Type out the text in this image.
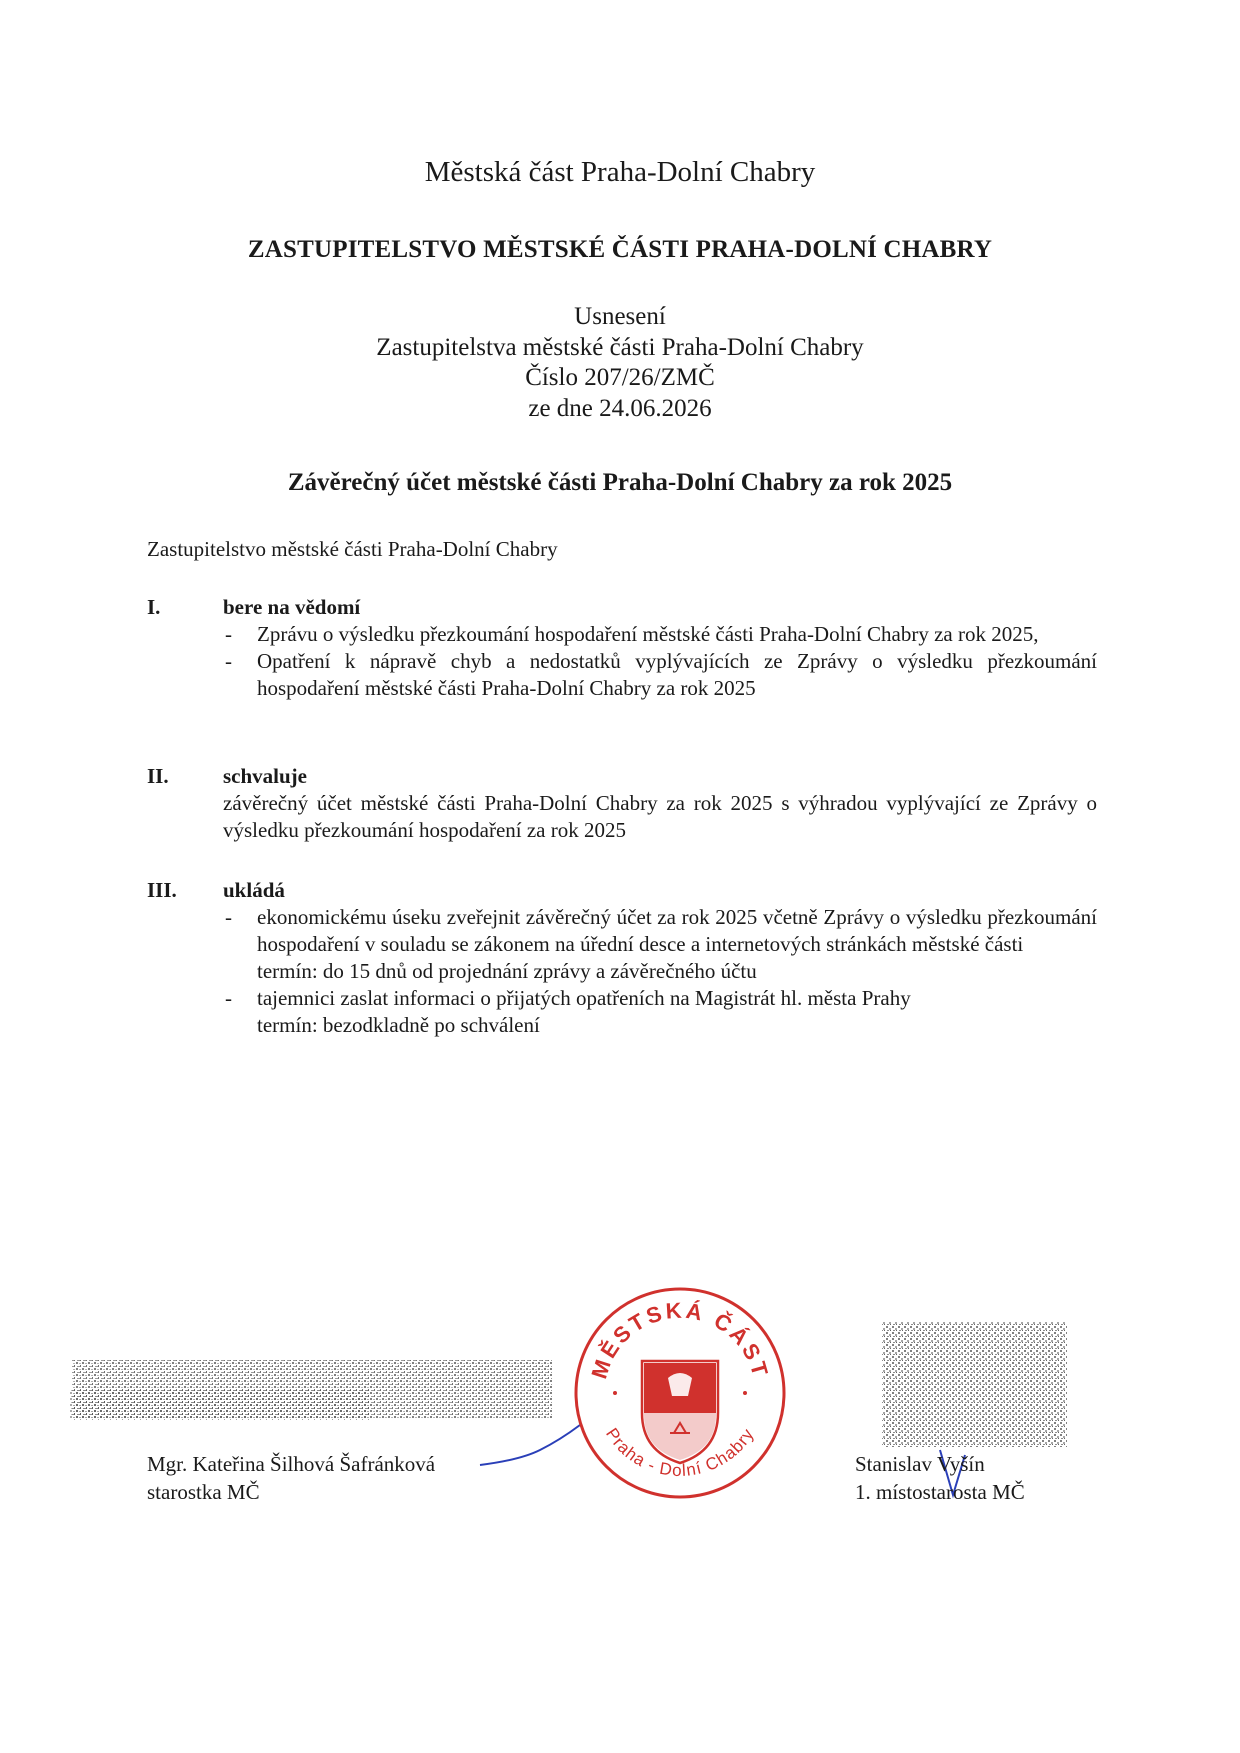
Městská část Praha-Dolní Chabry
ZASTUPITELSTVO MĚSTSKÉ ČÁSTI PRAHA-DOLNÍ CHABRY
Usnesení
Zastupitelstva městské části Praha-Dolní Chabry
Číslo 207/26/ZMČ
ze dne 24.06.2026
Závěrečný účet městské části Praha-Dolní Chabry za rok 2025
Zastupitelstvo městské části Praha-Dolní Chabry
I.	bere na vědomí
- Zprávu o výsledku přezkoumání hospodaření městské části Praha-Dolní Chabry za rok 2025,

- Opatření k nápravě chyb a nedostatků vyplývajících ze Zprávy o výsledku přezkoumání hospodaření městské části Praha-Dolní Chabry za rok 2025

II.	schvaluje

závěrečný účet městské části Praha-Dolní Chabry za rok 2025 s výhradou vyplývající ze Zprávy o výsledku přezkoumání hospodaření za rok 2025

III. ukládá
- ekonomickému úseku zveřejnit závěrečný účet za rok 2025 včetně Zprávy o výsledku přezkoumání hospodaření v souladu se zákonem na úřední desce a internetových stránkách městské části

termín: do 15 dnů od projednání zprávy a závěrečného účtu

- tajemnici zaslat informaci o přijatých opatřeních na Magistrát hl. města Prahy

termín: bezodkladně po schválení

MĚSTSKÁ ČÁST
Praha - Dolní Chabry
Mgr. Kateřina Šilhová Šafránková
starostka MČ
Stanislav Vyšín
1. místostarosta MČ
